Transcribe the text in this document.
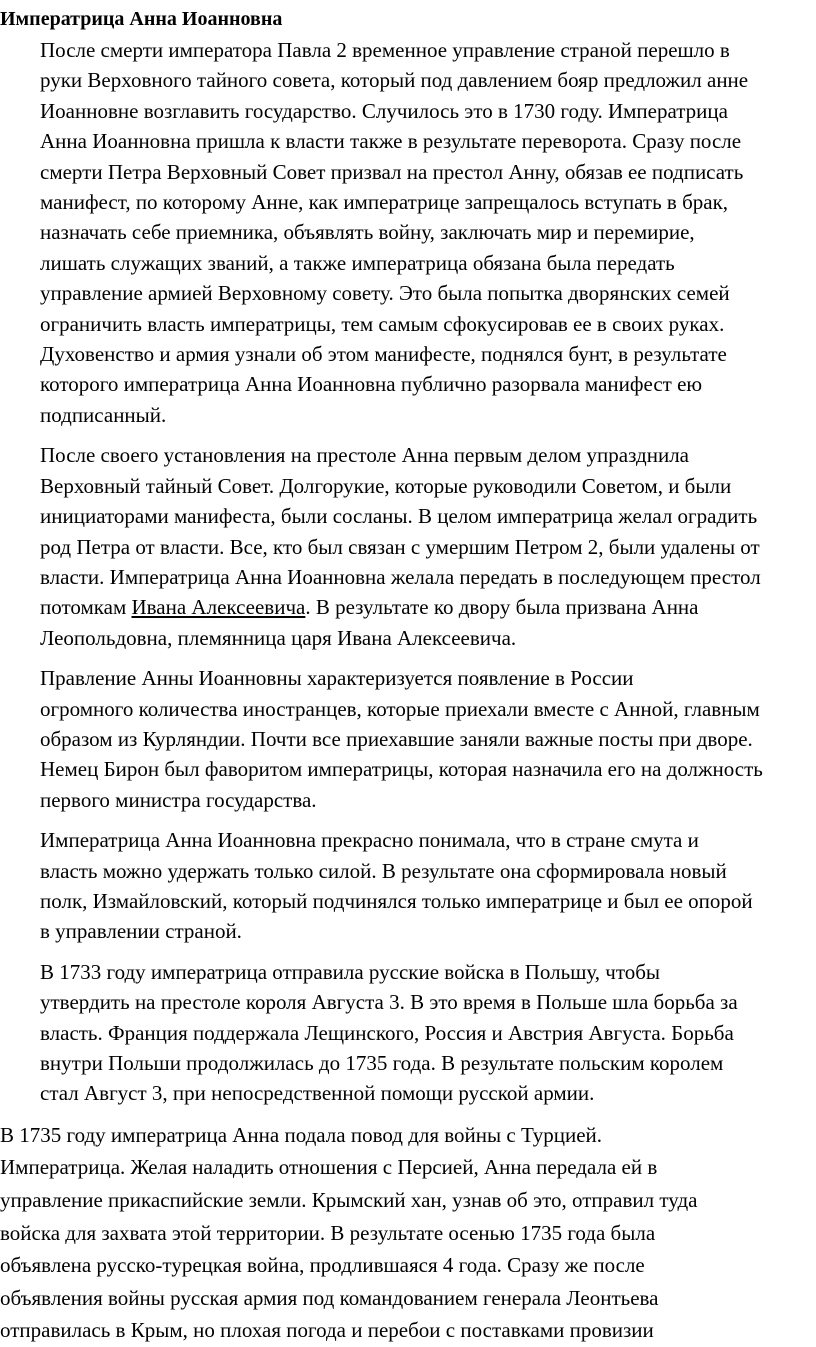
Императрица Анна Иоанновна

После смерти императора Павла 2 временное управление страной перешло в
руки Верховного тайного совета, который под давлением бояр предложил анне
Иоанновне возглавить государство. Случилось это в 1730 году. Императрица
Анна Иоанновна пришла к власти также в результате переворота. Сразу после
смерти Петра Верховный Совет призвал на престол Анну, обязав ее подписать
манифест, по которому Анне, как императрице запрещалось вступать в брак,
назначать себе приемника, объявлять войну, заключать мир и перемирие,
лишать служащих званий, а также императрица обязана была передать
управление армией Верховному совету. Это была попытка дворянских семей
ограничить власть императрицы, тем самым сфокусировав ее в своих руках.
Духовенство и армия узнали об этом манифесте, поднялся бунт, в результате
которого императрица Анна Иоанновна публично разорвала манифест ею
подписанный.

После своего установления на престоле Анна первым делом упразднила
Верховный тайный Совет. Долгорукие, которые руководили Советом, и были
инициаторами манифеста, были сосланы. В целом императрица желал оградить
род Петра от власти. Все, кто был связан с умершим Петром 2, были удалены от
власти. Императрица Анна Иоанновна желала передать в последующем престол
потомкам Ивана Алексеевича. В результате ко двору была призвана Анна
Леопольдовна, племянница царя Ивана Алексеевича.

Правление Анны Иоанновны характеризуется появление в России
огромного количества иностранцев, которые приехали вместе с Анной, главным
образом из Курляндии. Почти все приехавшие заняли важные посты при дворе.
Немец Бирон был фаворитом императрицы, которая назначила его на должность
первого министра государства.

Императрица Анна Иоанновна прекрасно понимала, что в стране смута и
власть можно удержать только силой. В результате она сформировала новый
полк, Измайловский, который подчинялся только императрице и был ее опорой
в управлении страной.

В 1733 году императрица отправила русские войска в Польшу, чтобы
утвердить на престоле короля Августа 3. В это время в Польше шла борьба за
власть. Франция поддержала Лещинского, Россия и Австрия Августа. Борьба
внутри Польши продолжилась до 1735 года. В результате польским королем
стал Август 3, при непосредственной помощи русской армии.

В 1735 году императрица Анна подала повод для войны с Турцией.
Императрица. Желая наладить отношения с Персией, Анна передала ей в
управление прикаспийские земли. Крымский хан, узнав об это, отправил туда
войска для захвата этой территории. В результате осенью 1735 года была
объявлена русско-турецкая война, продлившаяся 4 года. Сразу же после
объявления войны русская армия под командованием генерала Леонтьева
отправилась в Крым, но плохая погода и перебои с поставками провизии
